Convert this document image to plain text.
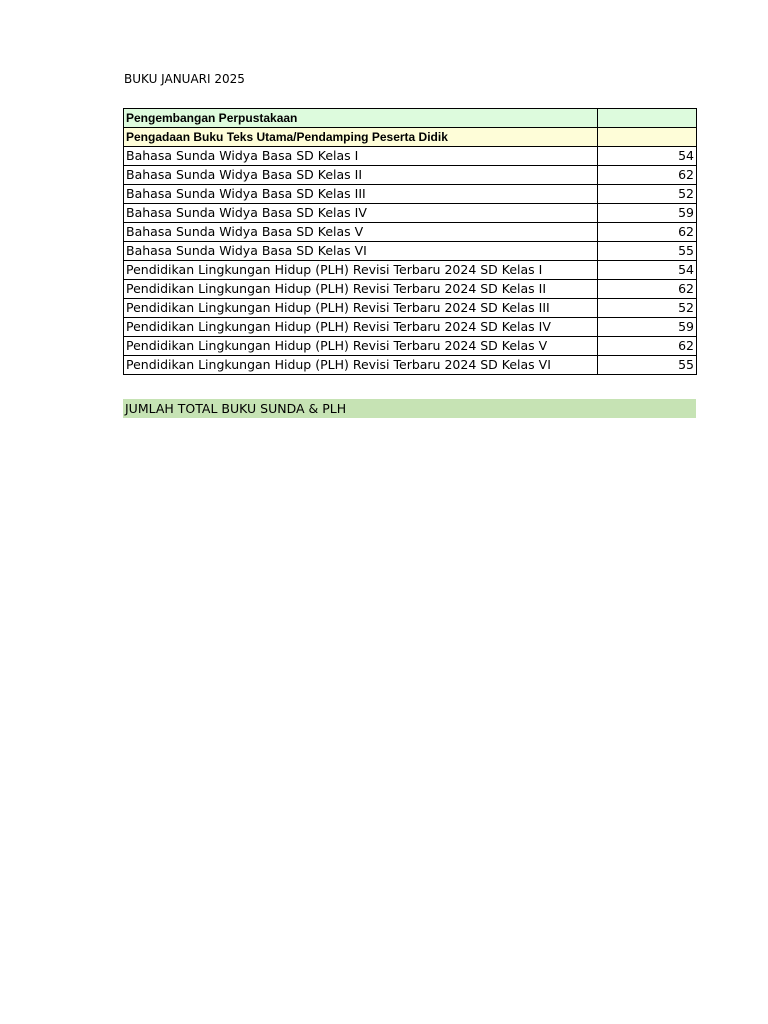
BUKU JANUARI 2025
Pengembangan Perpustakaan	
Pengadaan Buku Teks Utama/Pendamping Peserta Didik	
Bahasa Sunda Widya Basa SD Kelas I	54
Bahasa Sunda Widya Basa SD Kelas II	62
Bahasa Sunda Widya Basa SD Kelas III	52
Bahasa Sunda Widya Basa SD Kelas IV	59
Bahasa Sunda Widya Basa SD Kelas V	62
Bahasa Sunda Widya Basa SD Kelas VI	55
Pendidikan Lingkungan Hidup (PLH) Revisi Terbaru 2024 SD Kelas I	54
Pendidikan Lingkungan Hidup (PLH) Revisi Terbaru 2024 SD Kelas II	62
Pendidikan Lingkungan Hidup (PLH) Revisi Terbaru 2024 SD Kelas III	52
Pendidikan Lingkungan Hidup (PLH) Revisi Terbaru 2024 SD Kelas IV	59
Pendidikan Lingkungan Hidup (PLH) Revisi Terbaru 2024 SD Kelas V	62
Pendidikan Lingkungan Hidup (PLH) Revisi Terbaru 2024 SD Kelas VI	55
JUMLAH TOTAL BUKU SUNDA & PLH
